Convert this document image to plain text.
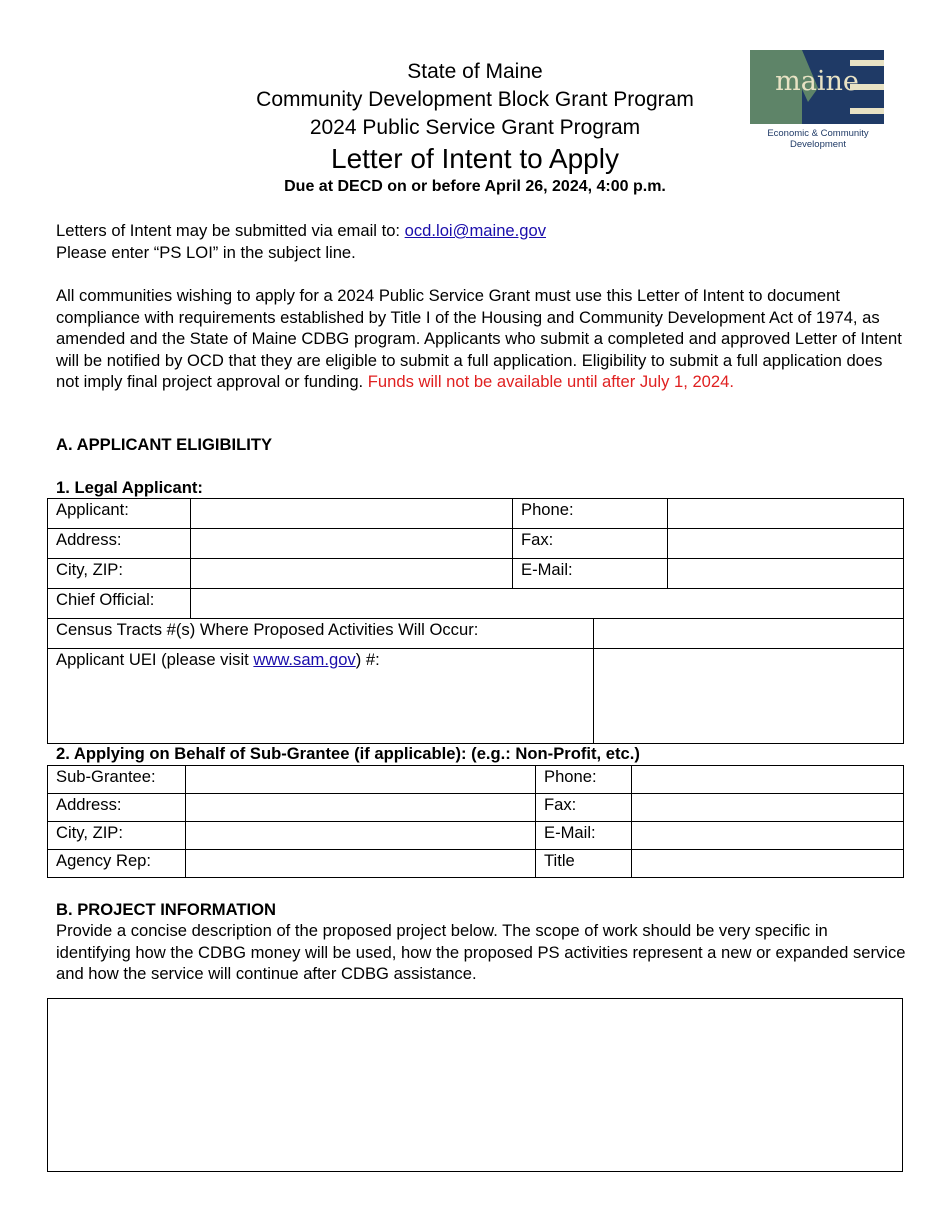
State of Maine
Community Development Block Grant Program
2024 Public Service Grant Program
Letter of Intent to Apply
Due at DECD on or before April 26, 2024, 4:00 p.m.
maine
Economic & Community
Development
Letters of Intent may be submitted via email to: ocd.loi@maine.gov
Please enter “PS LOI” in the subject line.
All communities wishing to apply for a 2024 Public Service Grant must use this Letter of Intent to document compliance with requirements established by Title I of the Housing and Community Development Act of 1974, as amended and the State of Maine CDBG program. Applicants who submit a completed and approved Letter of Intent will be notified by OCD that they are eligible to submit a full application. Eligibility to submit a full application does not imply final project approval or funding. Funds will not be available until after July 1, 2024.
A. APPLICANT ELIGIBILITY
1. Legal Applicant:
Applicant:		Phone:	
Address:		Fax:	
City, ZIP:		E-Mail:	
Chief Official:			
Census Tracts #(s) Where Proposed Activities Will Occur:	
Applicant UEI (please visit www.sam.gov) #:	
2. Applying on Behalf of Sub-Grantee (if applicable): (e.g.: Non-Profit, etc.)
Sub-Grantee:		Phone:	
Address:		Fax:	
City, ZIP:		E-Mail:	
Agency Rep:		Title	
B. PROJECT INFORMATION
Provide a concise description of the proposed project below. The scope of work should be very specific in identifying how the CDBG money will be used, how the proposed PS activities represent a new or expanded service and how the service will continue after CDBG assistance.
